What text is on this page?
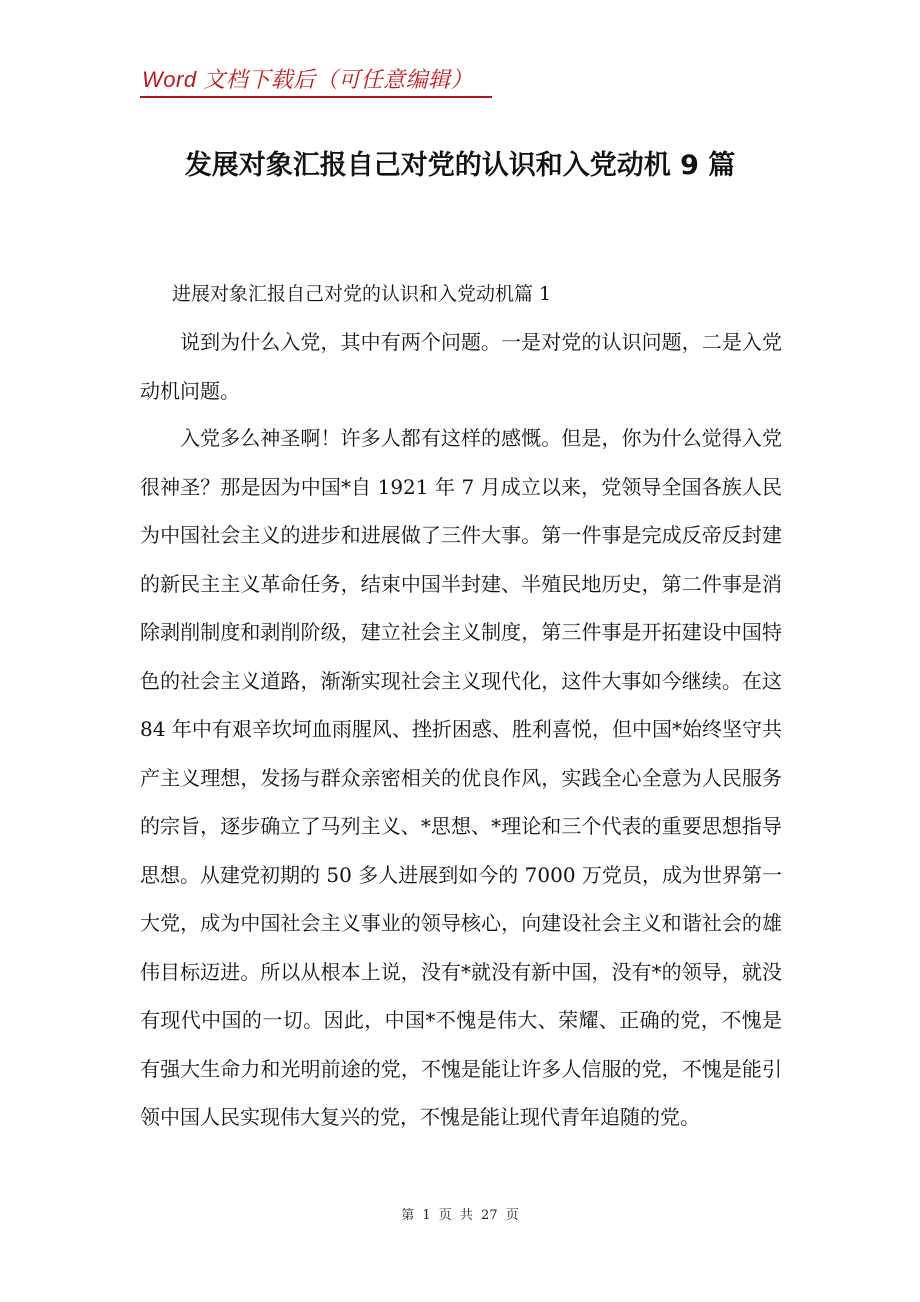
Word 文档下载后（可任意编辑）
发展对象汇报自己对党的认识和入党动机 9 篇
进展对象汇报自己对党的认识和入党动机篇 1

说到为什么入党，其中有两个问题。一是对党的认识问题，二是入党动机问题。

入党多么神圣啊！许多人都有这样的感慨。但是，你为什么觉得入党很神圣？那是因为中国*自 1921 年 7 月成立以来，党领导全国各族人民为中国社会主义的进步和进展做了三件大事。第一件事是完成反帝反封建的新民主主义革命任务，结束中国半封建、半殖民地历史，第二件事是消除剥削制度和剥削阶级，建立社会主义制度，第三件事是开拓建设中国特色的社会主义道路，渐渐实现社会主义现代化，这件大事如今继续。在这 84 年中有艰辛坎坷血雨腥风、挫折困惑、胜利喜悦，但中国*始终坚守共产主义理想，发扬与群众亲密相关的优良作风，实践全心全意为人民服务的宗旨，逐步确立了马列主义、*思想、*理论和三个代表的重要思想指导思想。从建党初期的 50 多人进展到如今的 7000 万党员，成为世界第一大党，成为中国社会主义事业的领导核心，向建设社会主义和谐社会的雄伟目标迈进。所以从根本上说，没有*就没有新中国，没有*的领导，就没有现代中国的一切。因此，中国*不愧是伟大、荣耀、正确的党，不愧是有强大生命力和光明前途的党，不愧是能让许多人信服的党，不愧是能引领中国人民实现伟大复兴的党，不愧是能让现代青年追随的党。

第 1 页 共 27 页
